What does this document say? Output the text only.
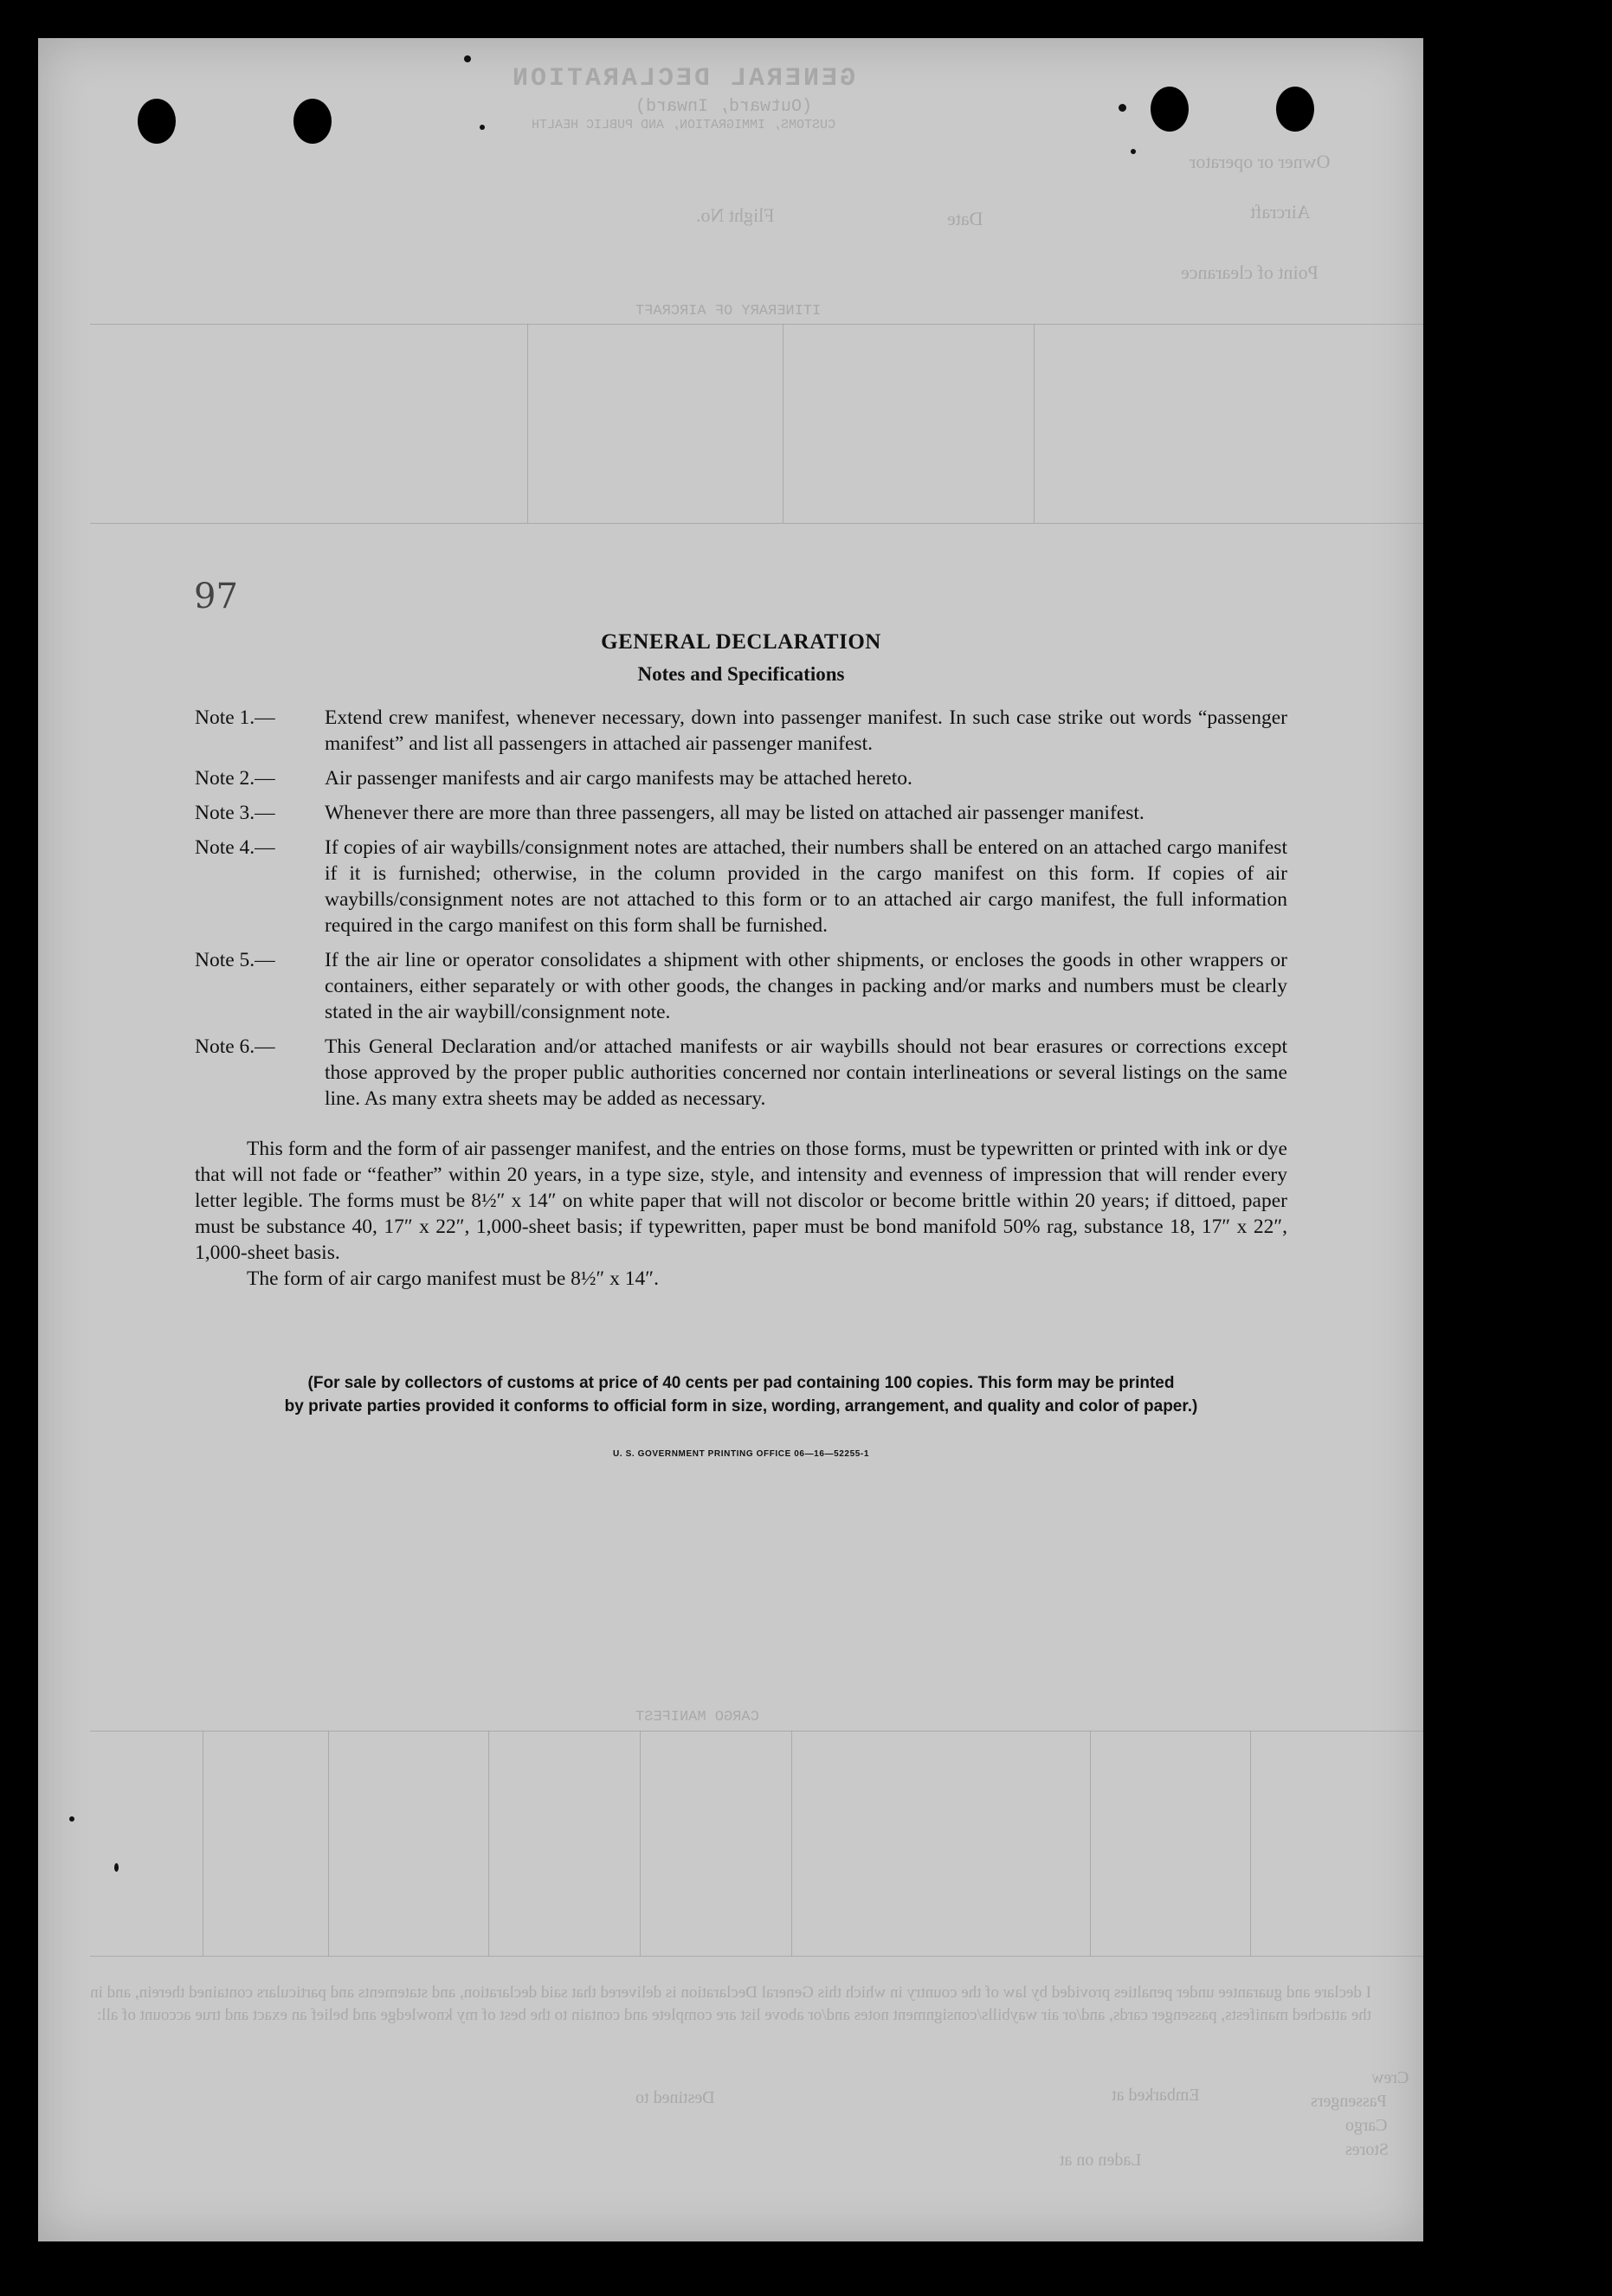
GENERAL DECLARATION
(Outward, Inward)
CUSTOMS, IMMIGRATION, AND PUBLIC HEALTH
Owner or operator
Aircraft
Flight No.	Date
Point of clearance
ITINERARY OF AIRCRAFT
CARGO MANIFEST
I declare and guarantee under penalties provided by law of the country in which this General Declaration is delivered that said declaration, and statements and particulars contained therein, and in the attached manifests, passenger cards, and/or air waybills/consignment notes and/or above list are complete and contain to the best of my knowledge and belief an exact and true account of all:
Embarked at
Destined to
Laden on at
Crew
Passengers
Cargo
Stores
97
GENERAL DECLARATION
Notes and Specifications
Note 1.—	Extend crew manifest, whenever necessary, down into passenger manifest. In such case strike out words “passenger manifest” and list all passengers in attached air passenger manifest.
Note 2.—	Air passenger manifests and air cargo manifests may be attached hereto.
Note 3.—	Whenever there are more than three passengers, all may be listed on attached air passenger manifest.
Note 4.—	If copies of air waybills/consignment notes are attached, their numbers shall be entered on an attached cargo manifest if it is furnished; otherwise, in the column provided in the cargo manifest on this form. If copies of air waybills/consignment notes are not attached to this form or to an attached air cargo manifest, the full information required in the cargo manifest on this form shall be furnished.
Note 5.—	If the air line or operator consolidates a shipment with other shipments, or encloses the goods in other wrappers or containers, either separately or with other goods, the changes in packing and/or marks and numbers must be clearly stated in the air waybill/consignment note.
Note 6.—	This General Declaration and/or attached manifests or air waybills should not bear erasures or corrections except those approved by the proper public authorities concerned nor contain interlineations or several listings on the same line. As many extra sheets may be added as necessary.
This form and the form of air passenger manifest, and the entries on those forms, must be typewritten or printed with ink or dye that will not fade or “feather” within 20 years, in a type size, style, and intensity and evenness of impression that will render every letter legible. The forms must be 8½″ x 14″ on white paper that will not discolor or become brittle within 20 years; if dittoed, paper must be substance 40, 17″ x 22″, 1,000-sheet basis; if typewritten, paper must be bond manifold 50% rag, substance 18, 17″ x 22″, 1,000-sheet basis.
The form of air cargo manifest must be 8½″ x 14″.
(For sale by collectors of customs at price of 40 cents per pad containing 100 copies. This form may be printed
by private parties provided it conforms to official form in size, wording, arrangement, and quality and color of paper.)
U. S. GOVERNMENT PRINTING OFFICE 06—16—52255-1
